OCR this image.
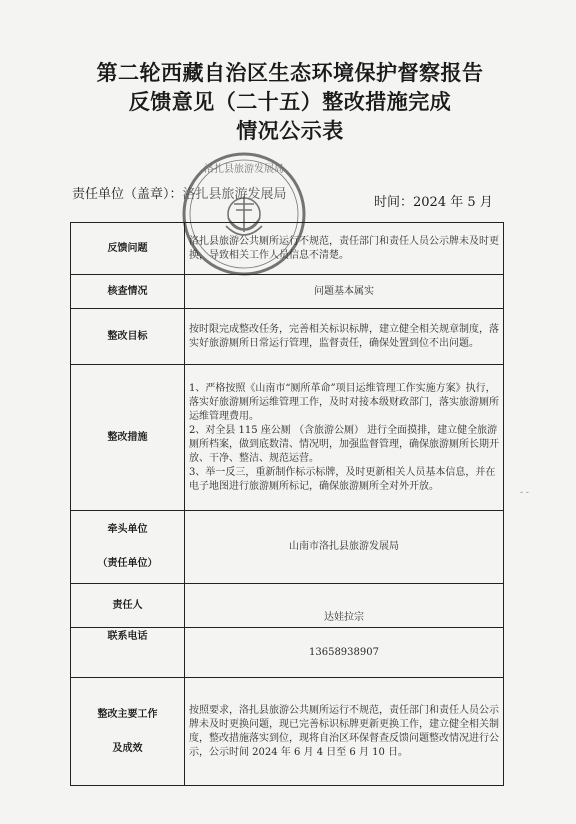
第二轮西藏自治区生态环境保护督察报告
反馈意见（二十五）整改措施完成
情况公示表
责任单位（盖章）：洛扎县旅游发展局
时间：2024 年 5 月
洛扎县旅游发展局
反馈问题	洛扎县旅游公共厕所运行不规范，责任部门和责任人员公示牌未及时更换，导致相关工作人员信息不清楚。
核查情况	问题基本属实
整改目标	按时限完成整改任务，完善相关标识标牌，建立健全相关规章制度，落实好旅游厕所日常运行管理，监督责任，确保处置到位不出问题。
整改措施	1、严格按照《山南市“厕所革命”项目运维管理工作实施方案》执行，落实好旅游厕所运维管理工作，及时对接本级财政部门，落实旅游厕所运维管理费用。

2、对全县 115 座公厕 （含旅游公厕） 进行全面摸排，建立健全旅游厕所档案，做到底数清、情况明，加强监督管理，确保旅游厕所长期开放、干净、整洁、规范运营。

3、举一反三，重新制作标示标牌，及时更新相关人员基本信息，并在电子地图进行旅游厕所标记，确保旅游厕所全对外开放。

牵头单位
（责任单位）	山南市洛扎县旅游发展局
责任人	达娃拉宗
联系电话	13658938907

整改主要工作
及成效	按照要求，洛扎县旅游公共厕所运行不规范，责任部门和责任人员公示牌未及时更换问题，现已完善标识标牌更新更换工作，建立健全相关制度，整改措施落实到位，现将自治区环保督查反馈问题整改情况进行公示，公示时间 2024 年 6 月 4 日至 6 月 10 日。
- -
